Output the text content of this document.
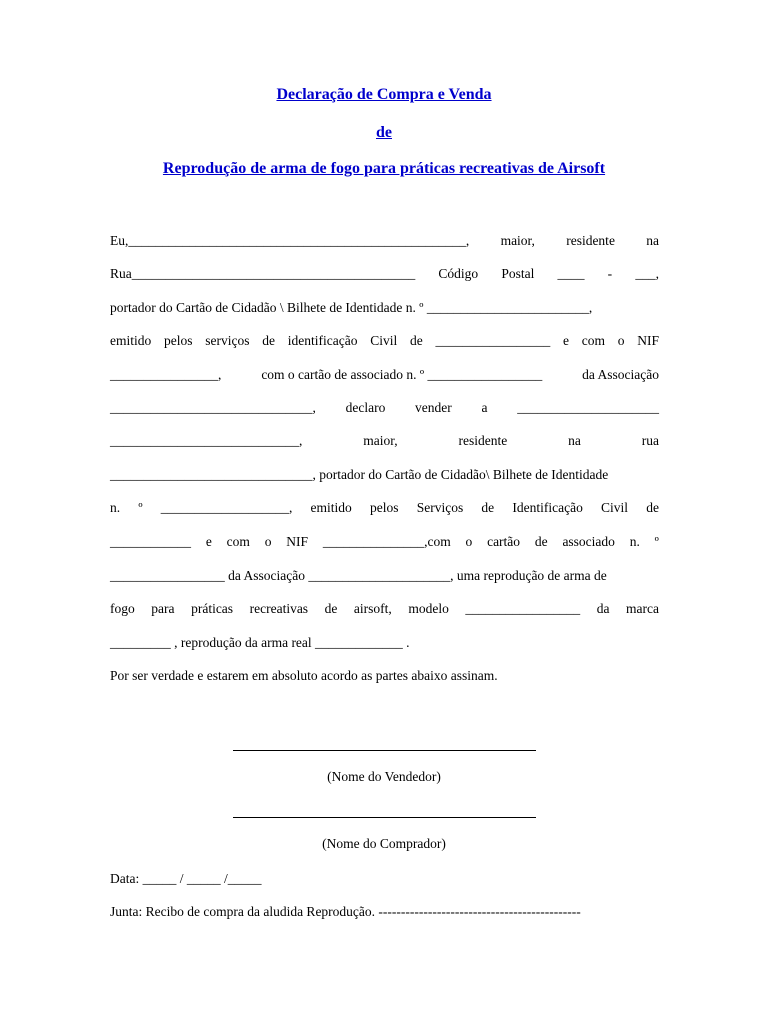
Declaração de Compra e Venda
de
Reprodução de arma de fogo para práticas recreativas de Airsoft
Eu,__________________________________________________, maior, residente na
Rua__________________________________________ Código Postal ____ - ___,
portador do Cartão de Cidadão \ Bilhete de Identidade n. º ________________________,
emitido pelos serviços de identificação Civil de _________________ e com o NIF
________________,	com o cartão de associado n. º _________________	da Associação
______________________________, declaro vender a _____________________
____________________________,	maior,	residente	na	rua
______________________________, portador do Cartão de Cidadão\ Bilhete de Identidade
n. º ___________________, emitido pelos Serviços de Identificação Civil de
____________ e com o NIF _______________,com o cartão de associado n. º
_________________ da Associação _____________________, uma reprodução de arma de
fogo para práticas recreativas de airsoft, modelo _________________ da marca
_________ , reprodução da arma real _____________ .
Por ser verdade e estarem em absoluto acordo as partes abaixo assinam.
(Nome do Vendedor)
(Nome do Comprador)
Data: _____ / _____ /_____
Junta: Recibo de compra da aludida Reprodução. ---------------------------------------------
